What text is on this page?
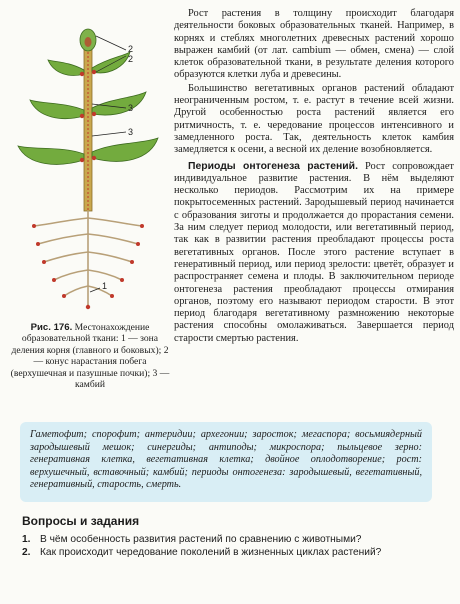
2
2
3
3
1
Рис. 176. Местонахождение образовательной ткани: 1 — зона деления корня (главного и боковых); 2 — конус нарастания побега (верхушечная и пазушные почки); 3 — камбий

Рост растения в толщину происходит благодаря деятельности боковых образовательных тканей. Например, в корнях и стеблях многолетних древесных растений хорошо выражен камбий (от лат. cambium — обмен, смена) — слой клеток образовательной ткани, в результате деления которого образуются клетки луба и древесины.

Большинство вегетативных органов растений обладают неограниченным ростом, т. е. растут в течение всей жизни. Другой особенностью роста растений является его ритмичность, т. е. чередование процессов интенсивного и замедленного роста. Так, деятельность клеток камбия замедляется к осени, а весной их деление возобновляется.

Периоды онтогенеза растений. Рост сопровождает индивидуальное развитие растения. В нём выделяют несколько периодов. Рассмотрим их на примере покрытосеменных растений. Зародышевый период начинается с образования зиготы и продолжается до прорастания семени. За ним следует период молодости, или вегетативный период, так как в развитии растения преобладают процессы роста вегетативных органов. После этого растение вступает в генеративный период, или период зрелости: цветёт, образует и распространяет семена и плоды. В заключительном периоде онтогенеза растения преобладают процессы отмирания органов, поэтому его называют периодом старости. В этот период благодаря вегетативному размножению некоторые растения способны омолаживаться. Завершается период старости смертью растения.

Гаметофит; спорофит; антеридии; архегонии; заросток; мегаспора; восьмиядерный зародышевый мешок; синергиды; антиподы; микроспора; пыльцевое зерно: генеративная клетка, вегетативная клетка; двойное оплодотворение; рост: верхушечный, вставочный; камбий; периоды онтогенеза: зародышевый, вегетативный, генеративный, старость, смерть.
Вопросы и задания
1. В чём особенность развития растений по сравнению с животными?
2. Как происходит чередование поколений в жизненных циклах растений?
